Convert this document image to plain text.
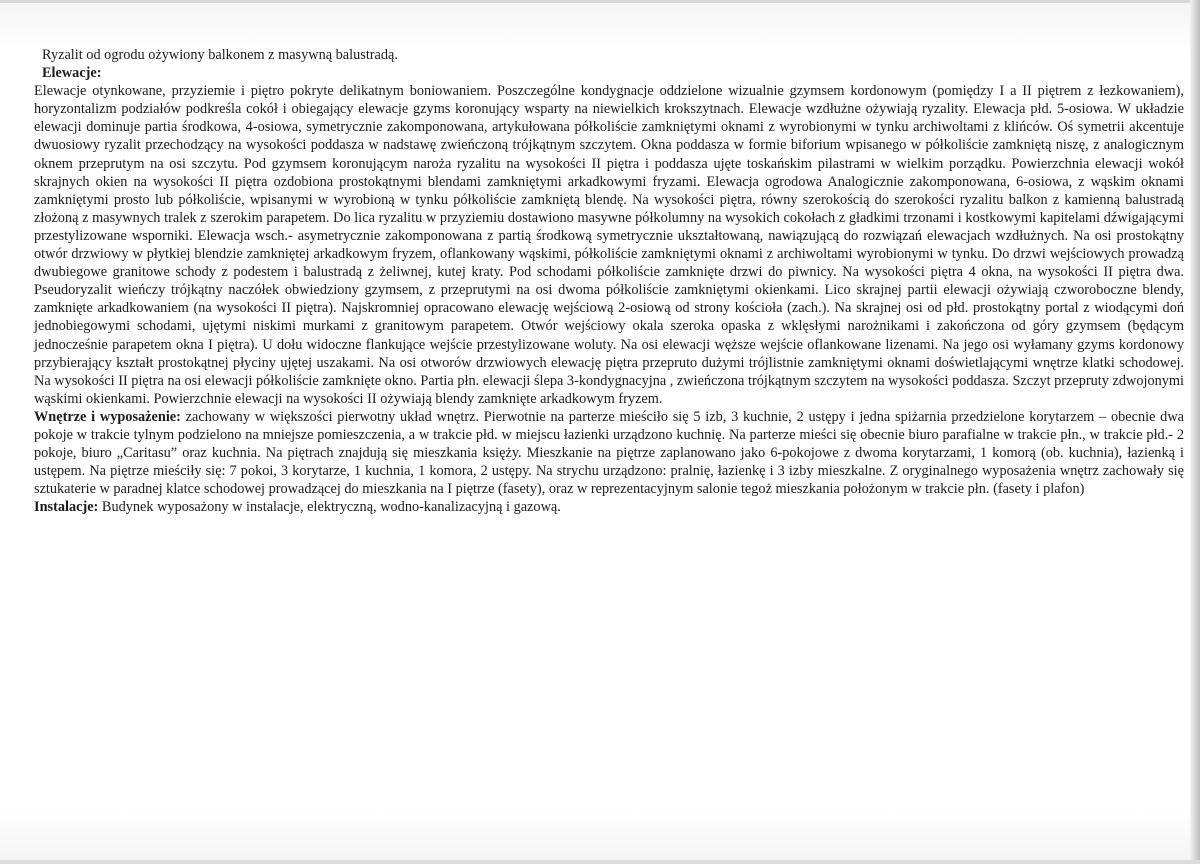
Ryzalit od ogrodu ożywiony balkonem z masywną balustradą.

Elewacje:

Elewacje otynkowane, przyziemie i piętro pokryte delikatnym boniowaniem. Poszczególne kondygnacje oddzielone wizualnie gzymsem kordonowym (pomiędzy I a II piętrem z łezkowaniem), horyzontalizm podziałów podkreśla cokół i obiegający elewacje gzyms koronujący wsparty na niewielkich krokszytnach. Elewacje wzdłużne ożywiają ryzality. Elewacja płd. 5-osiowa. W układzie elewacji dominuje partia środkowa, 4-osiowa, symetrycznie zakomponowana, artykułowana półkoliście zamkniętymi oknami z wyrobionymi w tynku archiwoltami z klińców. Oś symetrii akcentuje dwuosiowy ryzalit przechodzący na wysokości poddasza w nadstawę zwieńczoną trójkątnym szczytem. Okna poddasza w formie biforium wpisanego w półkoliście zamkniętą niszę, z analogicznym oknem przeprutym na osi szczytu. Pod gzymsem koronującym naroża ryzalitu na wysokości II piętra i poddasza ujęte toskańskim pilastrami w wielkim porządku. Powierzchnia elewacji wokół skrajnych okien na wysokości II piętra ozdobiona prostokątnymi blendami zamkniętymi arkadkowymi fryzami. Elewacja ogrodowa Analogicznie zakomponowana, 6-osiowa, z wąskim oknami zamkniętymi prosto lub półkoliście, wpisanymi w wyrobioną w tynku półkoliście zamkniętą blendę. Na wysokości piętra, równy szerokością do szerokości ryzalitu balkon z kamienną balustradą złożoną z masywnych tralek z szerokim parapetem. Do lica ryzalitu w przyziemiu dostawiono masywne półkolumny na wysokich cokołach z gładkimi trzonami i kostkowymi kapitelami dźwigającymi przestylizowane wsporniki. Elewacja wsch.- asymetrycznie zakomponowana z partią środkową symetrycznie ukształtowaną, nawiązującą do rozwiązań elewacjach wzdłużnych. Na osi prostokątny otwór drzwiowy w płytkiej blendzie zamkniętej arkadkowym fryzem, oflankowany wąskimi, półkoliście zamkniętymi oknami z archiwoltami wyrobionymi w tynku. Do drzwi wejściowych prowadzą dwubiegowe granitowe schody z podestem i balustradą z żeliwnej, kutej kraty. Pod schodami półkoliście zamknięte drzwi do piwnicy. Na wysokości piętra 4 okna, na wysokości II piętra dwa. Pseudoryzalit wieńczy trójkątny naczółek obwiedziony gzymsem, z przeprutymi na osi dwoma półkoliście zamkniętymi okienkami. Lico skrajnej partii elewacji ożywiają czworoboczne blendy, zamknięte arkadkowaniem (na wysokości II piętra). Najskromniej opracowano elewację wejściową 2-osiową od strony kościoła (zach.). Na skrajnej osi od płd. prostokątny portal z wiodącymi doń jednobiegowymi schodami, ujętymi niskimi murkami z granitowym parapetem. Otwór wejściowy okala szeroka opaska z wklęsłymi narożnikami i zakończona od góry gzymsem (będącym jednocześnie parapetem okna I piętra). U dołu widoczne flankujące wejście przestylizowane woluty. Na osi elewacji węższe wejście oflankowane lizenami. Na jego osi wyłamany gzyms kordonowy przybierający kształt prostokątnej płyciny ujętej uszakami. Na osi otworów drzwiowych elewację piętra przepruto dużymi trójlistnie zamkniętymi oknami doświetlającymi wnętrze klatki schodowej. Na wysokości II piętra na osi elewacji półkoliście zamknięte okno. Partia płn. elewacji ślepa 3-kondygnacyjna , zwieńczona trójkątnym szczytem na wysokości poddasza. Szczyt przepruty zdwojonymi wąskimi okienkami. Powierzchnie elewacji na wysokości II ożywiają blendy zamknięte arkadkowym fryzem.

Wnętrze i wyposażenie: zachowany w większości pierwotny układ wnętrz. Pierwotnie na parterze mieściło się 5 izb, 3 kuchnie, 2 ustępy i jedna spiżarnia przedzielone korytarzem – obecnie dwa pokoje w trakcie tylnym podzielono na mniejsze pomieszczenia, a w trakcie płd. w miejscu łazienki urządzono kuchnię. Na parterze mieści się obecnie biuro parafialne w trakcie płn., w trakcie płd.- 2 pokoje, biuro „Caritasu” oraz kuchnia. Na piętrach znajdują się mieszkania księży. Mieszkanie na piętrze zaplanowano jako 6-pokojowe z dwoma korytarzami, 1 komorą (ob. kuchnia), łazienką i ustępem. Na piętrze mieściły się: 7 pokoi, 3 korytarze, 1 kuchnia, 1 komora, 2 ustępy. Na strychu urządzono: pralnię, łazienkę i 3 izby mieszkalne. Z oryginalnego wyposażenia wnętrz zachowały się sztukaterie w paradnej klatce schodowej prowadzącej do mieszkania na I piętrze (fasety), oraz w reprezentacyjnym salonie tegoż mieszkania położonym w trakcie płn. (fasety i plafon)

Instalacje: Budynek wyposażony w instalacje, elektryczną, wodno-kanalizacyjną i gazową.
